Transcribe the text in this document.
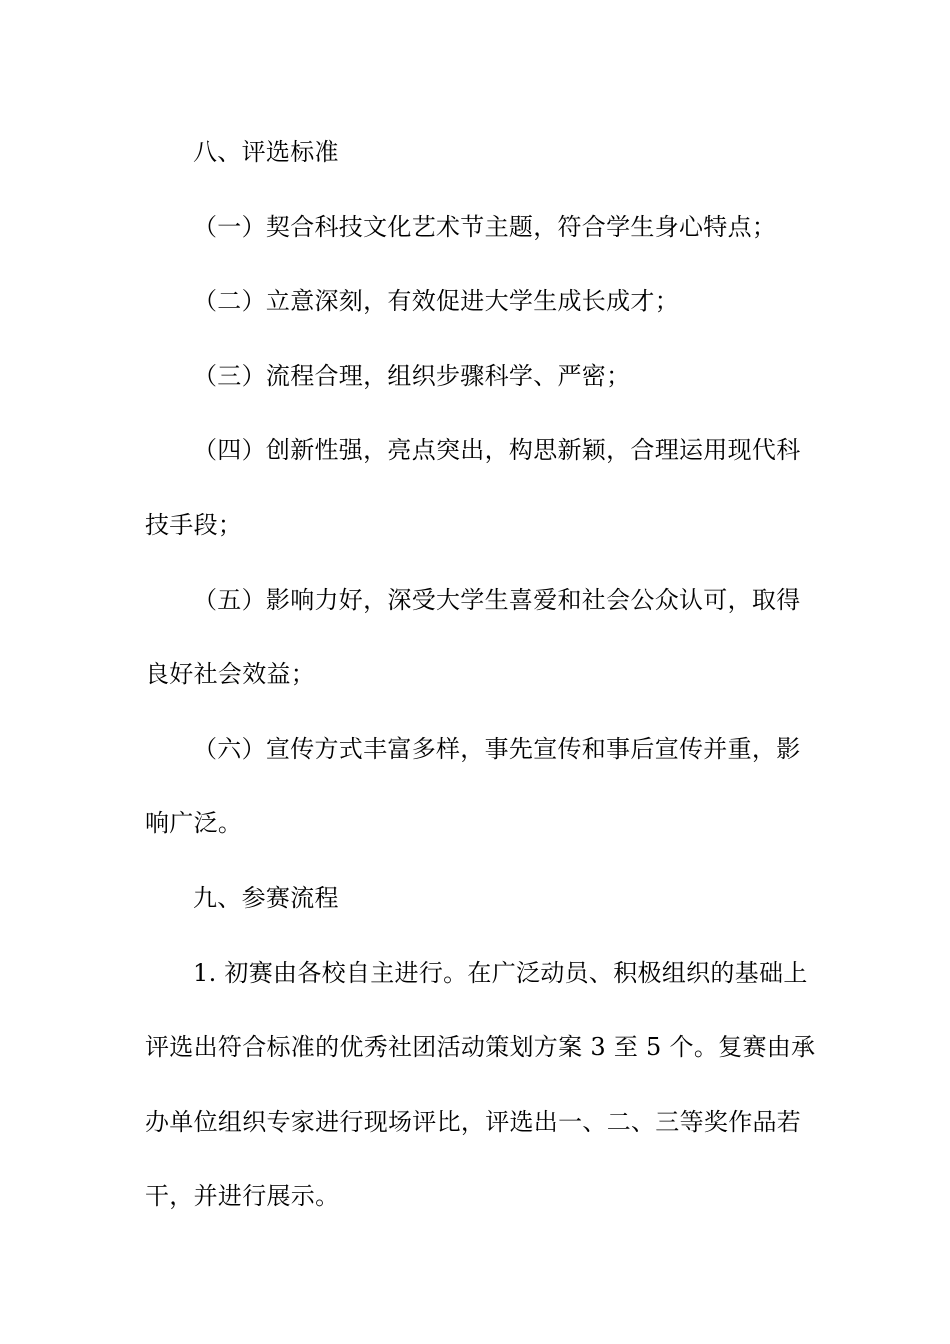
八、评选标准
（一）契合科技文化艺术节主题，符合学生身心特点；
（二）立意深刻，有效促进大学生成长成才；
（三）流程合理，组织步骤科学、严密；
（四）创新性强，亮点突出，构思新颖，合理运用现代科
技手段；
（五）影响力好，深受大学生喜爱和社会公众认可，取得
良好社会效益；
（六）宣传方式丰富多样，事先宣传和事后宣传并重，影
响广泛。
九、参赛流程
1. 初赛由各校自主进行。在广泛动员、积极组织的基础上
评选出符合标准的优秀社团活动策划方案 3 至 5 个。复赛由承
办单位组织专家进行现场评比，评选出一、二、三等奖作品若
干，并进行展示。
